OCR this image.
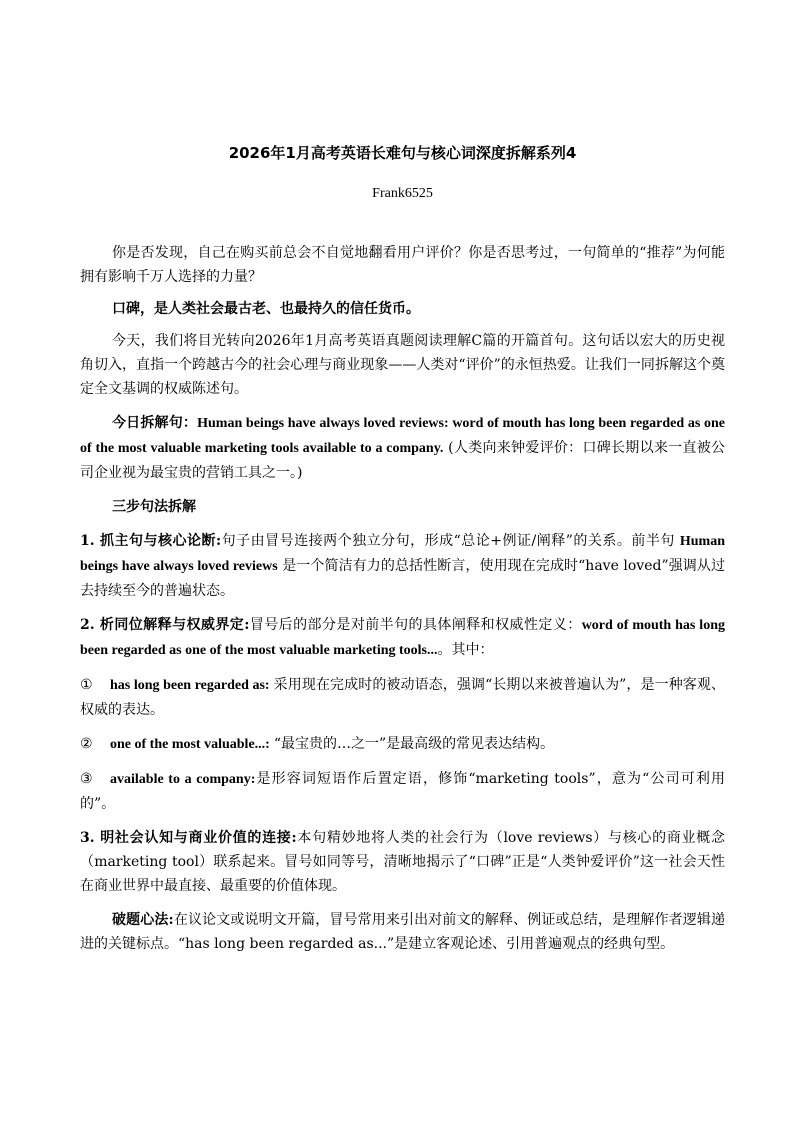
2026年1月高考英语长难句与核心词深度拆解系列4
Frank6525

你是否发现，自己在购买前总会不自觉地翻看用户评价？你是否思考过，一句简单的“推荐”为何能拥有影响千万人选择的力量？

口碑，是人类社会最古老、也最持久的信任货币。

今天，我们将目光转向2026年1月高考英语真题阅读理解C篇的开篇首句。这句话以宏大的历史视角切入，直指一个跨越古今的社会心理与商业现象——人类对“评价”的永恒热爱。让我们一同拆解这个奠定全文基调的权威陈述句。

今日拆解句：Human beings have always loved reviews: word of mouth has long been regarded as one of the most valuable marketing tools available to a company. (人类向来钟爱评价：口碑长期以来一直被公司企业视为最宝贵的营销工具之一。)

三步句法拆解

1. 抓主句与核心论断:句子由冒号连接两个独立分句，形成“总论+例证/阐释”的关系。前半句 Human beings have always loved reviews 是一个简洁有力的总括性断言，使用现在完成时“have loved”强调从过去持续至今的普遍状态。

2. 析同位解释与权威界定:冒号后的部分是对前半句的具体阐释和权威性定义：word of mouth has long been regarded as one of the most valuable marketing tools...。其中：

① has long been regarded as: 采用现在完成时的被动语态，强调“长期以来被普遍认为”，是一种客观、权威的表达。

② one of the most valuable...: “最宝贵的…之一”是最高级的常见表达结构。

③ available to a company:是形容词短语作后置定语，修饰“marketing tools”，意为“公司可利用的”。

3. 明社会认知与商业价值的连接:本句精妙地将人类的社会行为（love reviews）与核心的商业概念（marketing tool）联系起来。冒号如同等号，清晰地揭示了“口碑”正是“人类钟爱评价”这一社会天性在商业世界中最直接、最重要的价值体现。

破题心法:在议论文或说明文开篇，冒号常用来引出对前文的解释、例证或总结，是理解作者逻辑递进的关键标点。“has long been regarded as...”是建立客观论述、引用普遍观点的经典句型。
